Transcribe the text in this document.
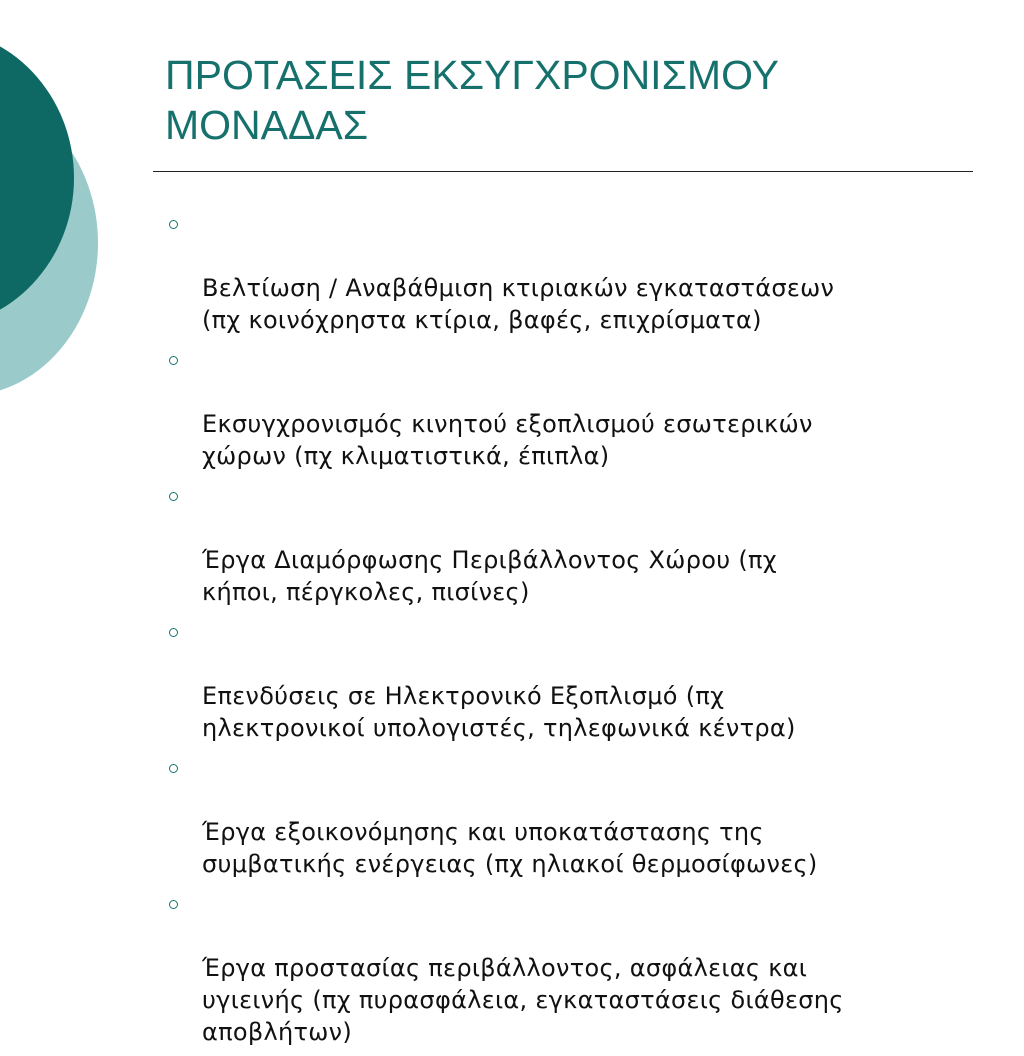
ΠΡΟΤΑΣΕΙΣ ΕΚΣΥΓΧΡΟΝΙΣΜΟΥ
ΜΟΝΑΔΑΣ

Βελτίωση / Αναβάθμιση κτιριακών εγκαταστάσεων
(πχ κοινόχρηστα κτίρια, βαφές, επιχρίσματα)

Εκσυγχρονισμός κινητού εξοπλισμού εσωτερικών
χώρων (πχ κλιματιστικά, έπιπλα)

Έργα Διαμόρφωσης Περιβάλλοντος Χώρου (πχ
κήποι, πέργκολες, πισίνες)

Επενδύσεις σε Ηλεκτρονικό Εξοπλισμό (πχ
ηλεκτρονικοί υπολογιστές, τηλεφωνικά κέντρα)

Έργα εξοικονόμησης και υποκατάστασης της
συμβατικής ενέργειας (πχ ηλιακοί θερμοσίφωνες)

Έργα προστασίας περιβάλλοντος, ασφάλειας και
υγιεινής (πχ πυρασφάλεια, εγκαταστάσεις διάθεσης
αποβλήτων)
